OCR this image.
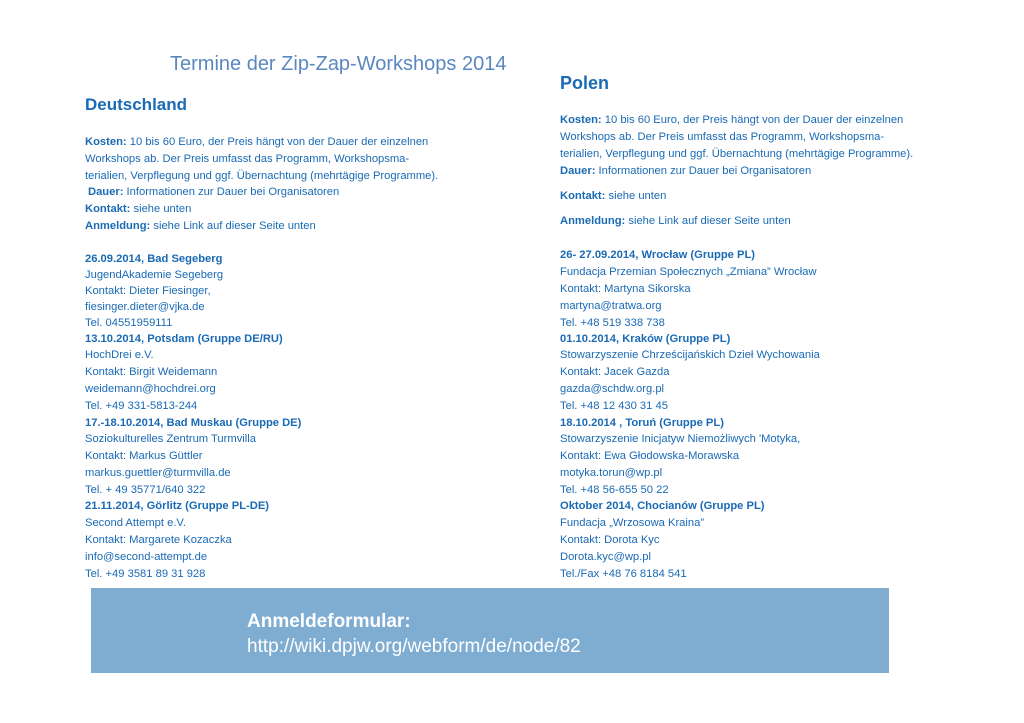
Termine der Zip-Zap-Workshops 2014
Deutschland
Kosten: 10 bis 60 Euro, der Preis hängt von der Dauer der einzelnen
Workshops ab. Der Preis umfasst das Programm, Workshopsma-
terialien, Verpflegung und ggf. Übernachtung (mehrtägige Programme).
Dauer: Informationen zur Dauer bei Organisatoren
Kontakt: siehe unten
Anmeldung: siehe Link auf dieser Seite unten
26.09.2014, Bad Segeberg
JugendAkademie Segeberg
Kontakt: Dieter Fiesinger,
fiesinger.dieter@vjka.de
Tel. 04551959111
13.10.2014, Potsdam (Gruppe DE/RU)
HochDrei e.V.
Kontakt: Birgit Weidemann
weidemann@hochdrei.org
Tel. +49 331-5813-244
17.-18.10.2014, Bad Muskau (Gruppe DE)
Soziokulturelles Zentrum Turmvilla
Kontakt: Markus Güttler
markus.guettler@turmvilla.de
Tel. + 49 35771/640 322
21.11.2014, Görlitz (Gruppe PL-DE)
Second Attempt e.V.
Kontakt: Margarete Kozaczka
info@second-attempt.de
Tel. +49 3581 89 31 928
Polen
Kosten: 10 bis 60 Euro, der Preis hängt von der Dauer der einzelnen
Workshops ab. Der Preis umfasst das Programm, Workshopsma-
terialien, Verpflegung und ggf. Übernachtung (mehrtägige Programme).
Dauer: Informationen zur Dauer bei Organisatoren
Kontakt: siehe unten
Anmeldung: siehe Link auf dieser Seite unten
26- 27.09.2014, Wrocław (Gruppe PL)
Fundacja Przemian Społecznych „Zmiana” Wrocław
Kontakt: Martyna Sikorska
martyna@tratwa.org
Tel. +48 519 338 738
01.10.2014, Kraków (Gruppe PL)
Stowarzyszenie Chrześcijańskich Dzieł Wychowania
Kontakt: Jacek Gazda
gazda@schdw.org.pl
Tel. +48 12 430 31 45
18.10.2014 , Toruń (Gruppe PL)
Stowarzyszenie Inicjatyw Niemożliwych 'Motyka,
Kontakt: Ewa Głodowska-Morawska
motyka.torun@wp.pl
Tel. +48 56-655 50 22
Oktober 2014, Chocianów (Gruppe PL)
Fundacja „Wrzosowa Kraina”
Kontakt: Dorota Kyc
Dorota.kyc@wp.pl
Tel./Fax +48 76 8184 541
Anmeldeformular:
http://wiki.dpjw.org/webform/de/node/82
